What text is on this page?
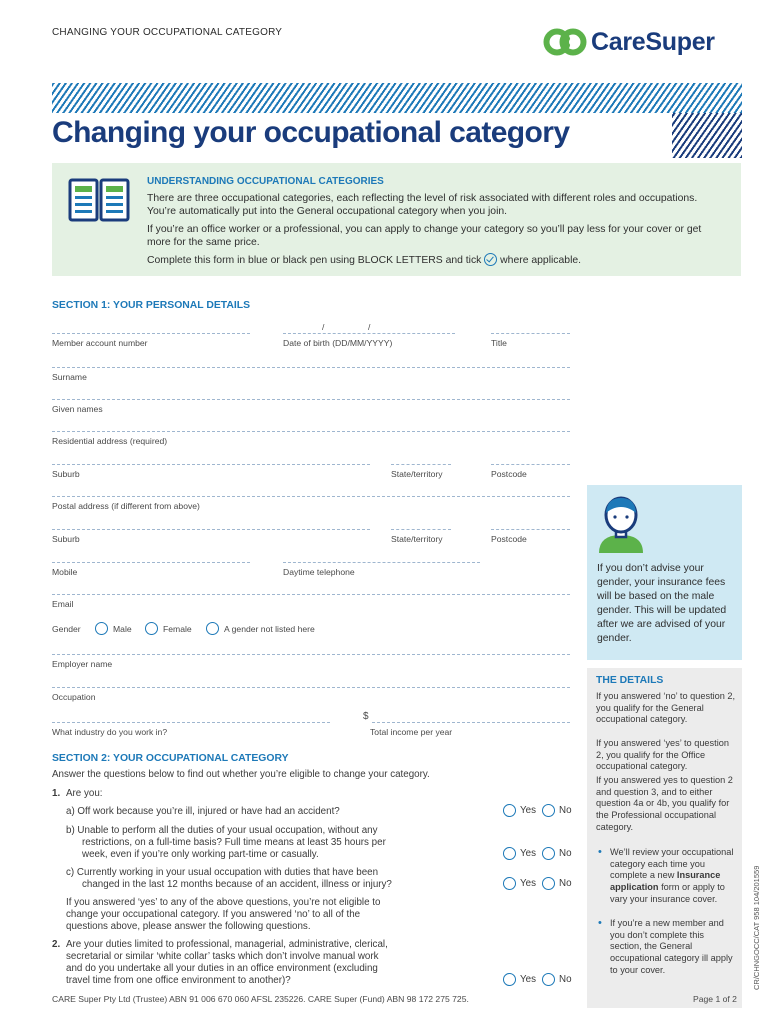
CHANGING YOUR OCCUPATIONAL CATEGORY	CareSuper
Changing your occupational category
UNDERSTANDING OCCUPATIONAL CATEGORIES
There are three occupational categories, each reflecting the level of risk associated with different roles and occupations. You’re automatically put into the General occupational category when you join.
If you’re an office worker or a professional, you can apply to change your category so you’ll pay less for your cover or get more for the same price.
Complete this form in blue or black pen using BLOCK LETTERS and tick where applicable.
SECTION 1: YOUR PERSONAL DETAILS
/	/
Member account number	Date of birth (DD/MM/YYYY)	Title
Surname
Given names
Residential address (required)
Suburb	State/territory	Postcode
Postal address (if different from above)
Suburb	State/territory	Postcode
Mobile	Daytime telephone
Email
Gender	Male	Female	A gender not listed here
Employer name
Occupation
$
What industry do you work in?	Total income per year
If you don’t advise your gender, your insurance fees will be based on the male gender. This will be updated after we are advised of your gender.
SECTION 2: YOUR OCCUPATIONAL CATEGORY
Answer the questions below to find out whether you’re eligible to change your category.
1. Are you:
a) Off work because you’re ill, injured or have had an accident?	Yes No
b) Unable to perform all the duties of your usual occupation, without any
restrictions, on a full-time basis? Full time means at least 35 hours per
week, even if you’re only working part-time or casually.	Yes No
c) Currently working in your usual occupation with duties that have been
changed in the last 12 months because of an accident, illness or injury?	Yes No
If you answered ‘yes’ to any of the above questions, you’re not eligible to
change your occupational category. If you answered ‘no’ to all of the
questions above, please answer the following questions.
2. Are your duties limited to professional, managerial, administrative, clerical,
secretarial or similar ‘white collar’ tasks which don’t involve manual work
and do you undertake all your duties in an office environment (excluding
travel time from one office environment to another)?	Yes No
THE DETAILS
If you answered ‘no’ to question 2, you qualify for the General occupational category.
If you answered ‘yes’ to question 2, you qualify for the Office occupational category.
If you answered yes to question 2 and question 3, and to either question 4a or 4b, you qualify for the Professional occupational category.
• We’ll review your occupational category each time you complete a new Insurance application form or apply to vary your insurance cover.
• If you’re a new member and you don’t complete this section, the General occupational category ill apply to your cover.	CR/CHNGOCC/CAT 958 104/201559
CARE Super Pty Ltd (Trustee) ABN 91 006 670 060 AFSL 235226. CARE Super (Fund) ABN 98 172 275 725.	Page 1 of 2
